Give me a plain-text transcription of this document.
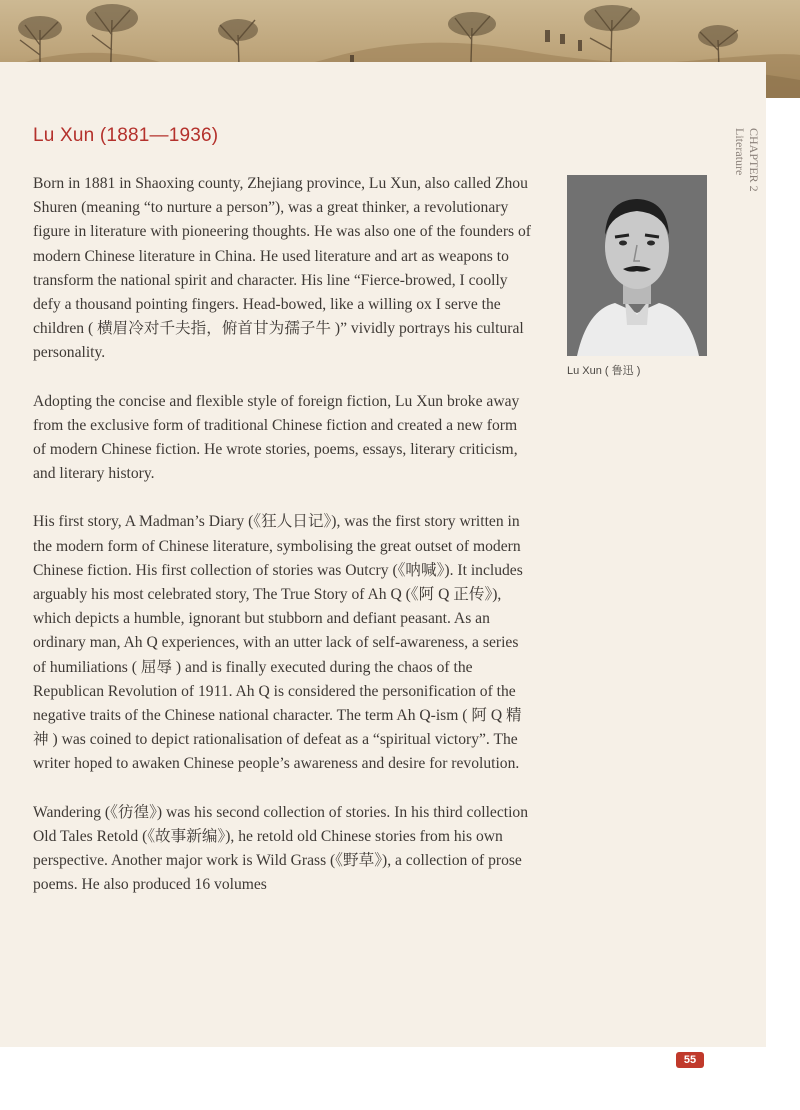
CHAPTER 2
Literature
Lu Xun (1881—1936)

Born in 1881 in Shaoxing county, Zhejiang province, Lu Xun, also called Zhou Shuren (meaning “to nurture a person”), was a great thinker, a revolutionary figure in literature with pioneering thoughts. He was also one of the founders of modern Chinese literature in China. He used literature and art as weapons to transform the national spirit and character. His line “Fierce-browed, I coolly defy a thousand pointing fingers. Head-bowed, like a willing ox I serve the children ( 横眉冷对千夫指，俯首甘为孺子牛 )” vividly portrays his cultural personality.

Adopting the concise and flexible style of foreign fiction, Lu Xun broke away from the exclusive form of traditional Chinese fiction and created a new form of modern Chinese fiction. He wrote stories, poems, essays, literary criticism, and literary history.

His first story, A Madman’s Diary (《狂人日记》), was the first story written in the modern form of Chinese literature, symbolising the great outset of modern Chinese fiction. His first collection of stories was Outcry (《呐喊》). It includes arguably his most celebrated story, The True Story of Ah Q (《阿 Q 正传》), which depicts a humble, ignorant but stubborn and defiant peasant. As an ordinary man, Ah Q experiences, with an utter lack of self-awareness, a series of humiliations ( 屈辱 ) and is finally executed during the chaos of the Republican Revolution of 1911. Ah Q is considered the personification of the negative traits of the Chinese national character. The term Ah Q-ism ( 阿 Q 精神 ) was coined to depict rationalisation of defeat as a “spiritual victory”. The writer hoped to awaken Chinese people’s awareness and desire for revolution.

Wandering (《彷徨》) was his second collection of stories. In his third collection Old Tales Retold (《故事新编》), he retold old Chinese stories from his own perspective. Another major work is Wild Grass (《野草》), a collection of prose poems. He also produced 16 volumes

Lu Xun ( 鲁迅 )
55
